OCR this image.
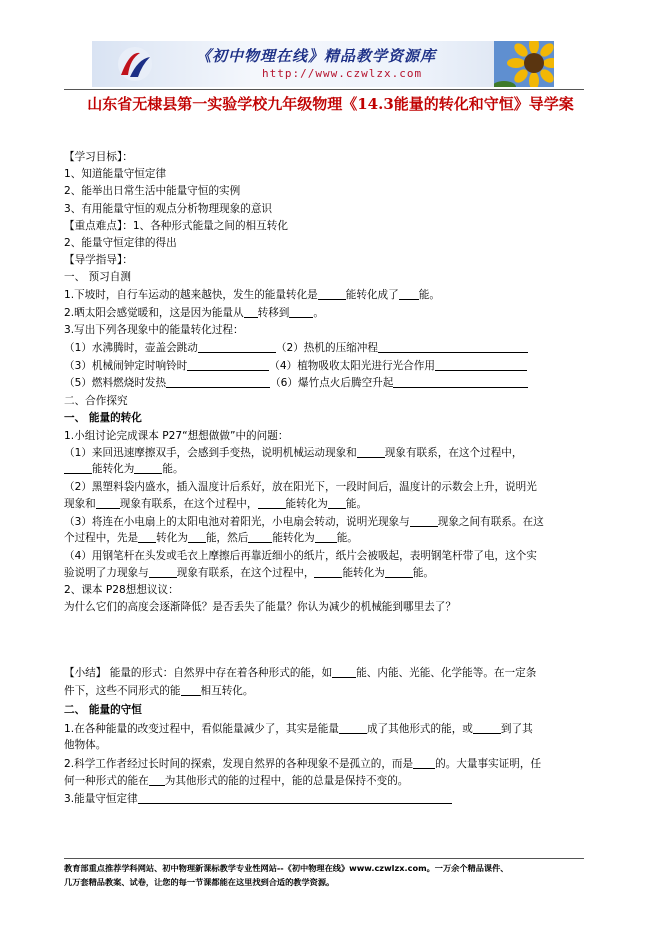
《初中物理在线》精品教学资源库
http://www.czwlzx.com
山东省无棣县第一实验学校九年级物理《14.3能量的转化和守恒》导学案
【学习目标】：
1、知道能量守恒定律
2、能举出日常生活中能量守恒的实例
3、有用能量守恒的观点分析物理现象的意识
【重点难点】：1、各种形式能量之间的相互转化
2、能量守恒定律的得出
【导学指导】：
一、 预习自测
1.下坡时，自行车运动的越来越快，发生的能量转化是	能转化成了 能。
2.晒太阳会感觉暖和，这是因为能量从 转移到 。
3.写出下列各现象中的能量转化过程：
（1）水沸腾时，壶盖会跳动	（2）热机的压缩冲程
（3）机械闹钟定时响铃时	（4）植物吸收太阳光进行光合作用
（5）燃料燃烧时发热	（6）爆竹点火后腾空升起
二、合作探究
一、 能量的转化
1.小组讨论完成课本 P27“想想做做”中的问题：
（1）来回迅速摩擦双手，会感到手变热，说明机械运动现象和	现象有联系，在这个过程中，
能转化为	能。
（2）黑塑料袋内盛水，插入温度计后系好，放在阳光下，一段时间后，温度计的示数会上升，说明光
现象和 现象有联系，在这个过程中，	能转化为 能。
（3）将连在小电扇上的太阳电池对着阳光，小电扇会转动，说明光现象与	现象之间有联系。在这
个过程中，先是 转化为 能，然后 能转化为 能。
（4）用钢笔杆在头发或毛衣上摩擦后再靠近细小的纸片，纸片会被吸起，表明钢笔杆带了电，这个实
验说明了力现象与	现象有联系，在这个过程中，	能转化为	能。
2、课本 P28想想议议：
为什么它们的高度会逐渐降低？是否丢失了能量？你认为减少的机械能到哪里去了？
【小结】 能量的形式：自然界中存在着各种形式的能，如 能、内能、光能、化学能等。在一定条
件下，这些不同形式的能 相互转化。
二、 能量的守恒
1.在各种能量的改变过程中，看似能量减少了，其实是能量	成了其他形式的能，或	到了其
他物体。
2.科学工作者经过长时间的探索，发现自然界的各种现象不是孤立的，而是 的。大量事实证明，任
何一种形式的能在 为其他形式的能的过程中，能的总量是保持不变的。
3.能量守恒定律
教育部重点推荐学科网站、初中物理新课标教学专业性网站--《初中物理在线》www.czwlzx.com。一万余个精品课件、
几万套精品教案、试卷，让您的每一节课都能在这里找到合适的教学资源。
